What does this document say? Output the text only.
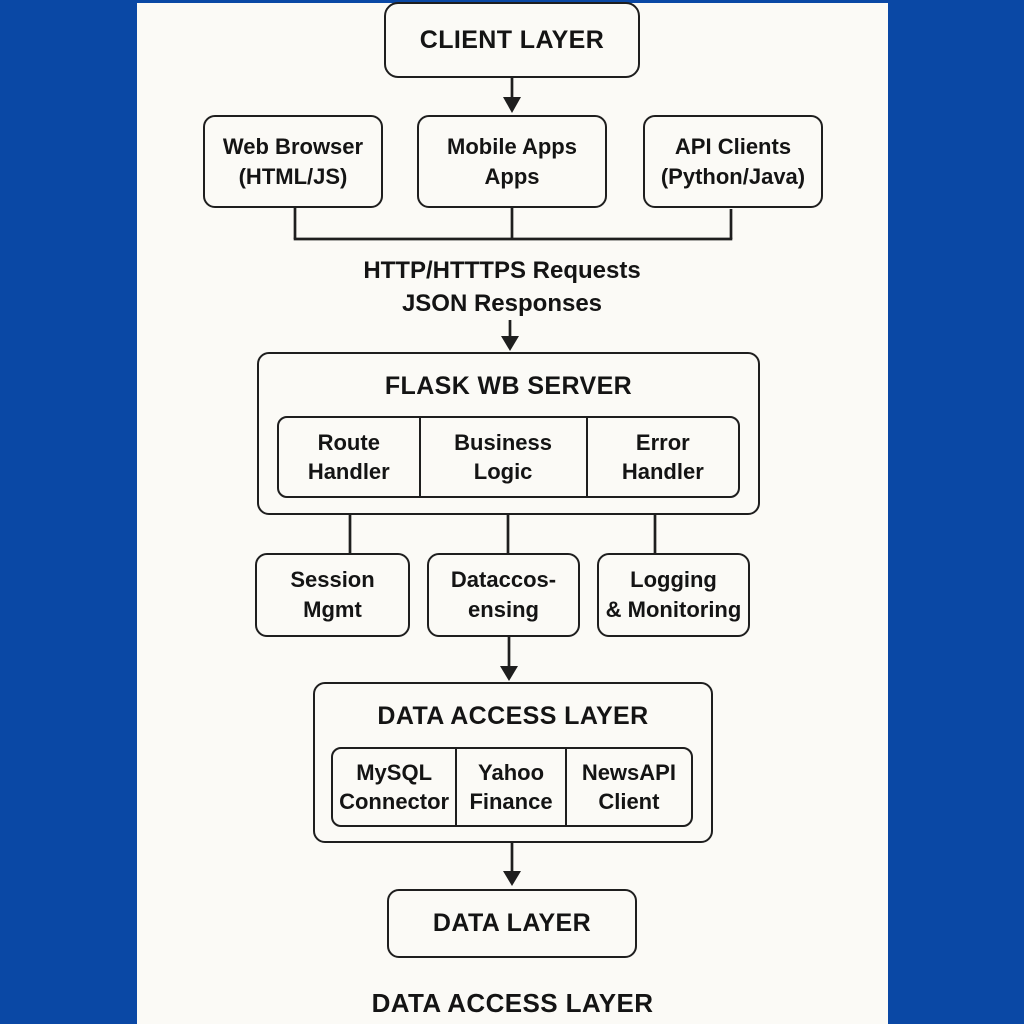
CLIENT LAYER
Web Browser
(HTML/JS)
Mobile Apps
Apps
API Clients
(Python/Java)
HTTP/HTTTPS Requests
JSON Responses
FLASK WB SERVER
Route
Handler
Business
Logic
Error
Handler
Session
Mgmt
Dataccos-
ensing
Logging
& Monitoring
DATA ACCESS LAYER
MySQL
Connector
Yahoo
Finance
NewsAPI
Client
DATA LAYER
DATA ACCESS LAYER
